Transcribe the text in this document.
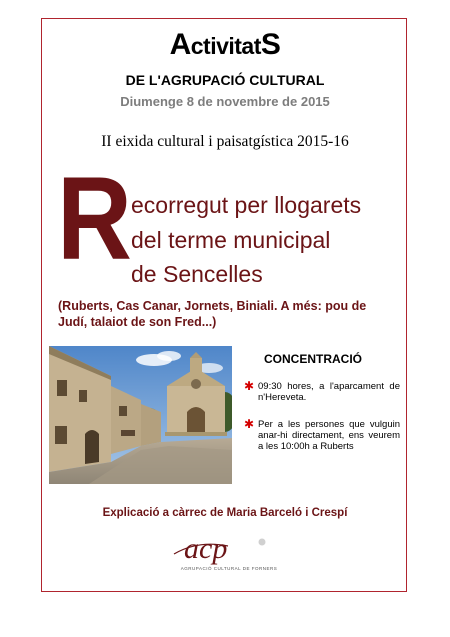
ActivitatS
DE L'AGRUPACIÓ CULTURAL
Diumenge 8 de novembre de 2015
II eixida cultural i paisatgística 2015-16
R ecorregut per llogarets
del terme municipal
de Sencelles
(Ruberts, Cas Canar, Jornets, Biniali. A més: pou de Judí, talaiot de son Fred...)
CONCENTRACIÓ
✱ 09:30 hores, a l'aparcament de n'Hereveta.
✱ Per a les persones que vulguin anar-hi directament, ens veurem a les 10:00h a Ruberts
Explicació a càrrec de Maria Barceló i Crespí
acp
AGRUPACIÓ CULTURAL DE FORNERS
